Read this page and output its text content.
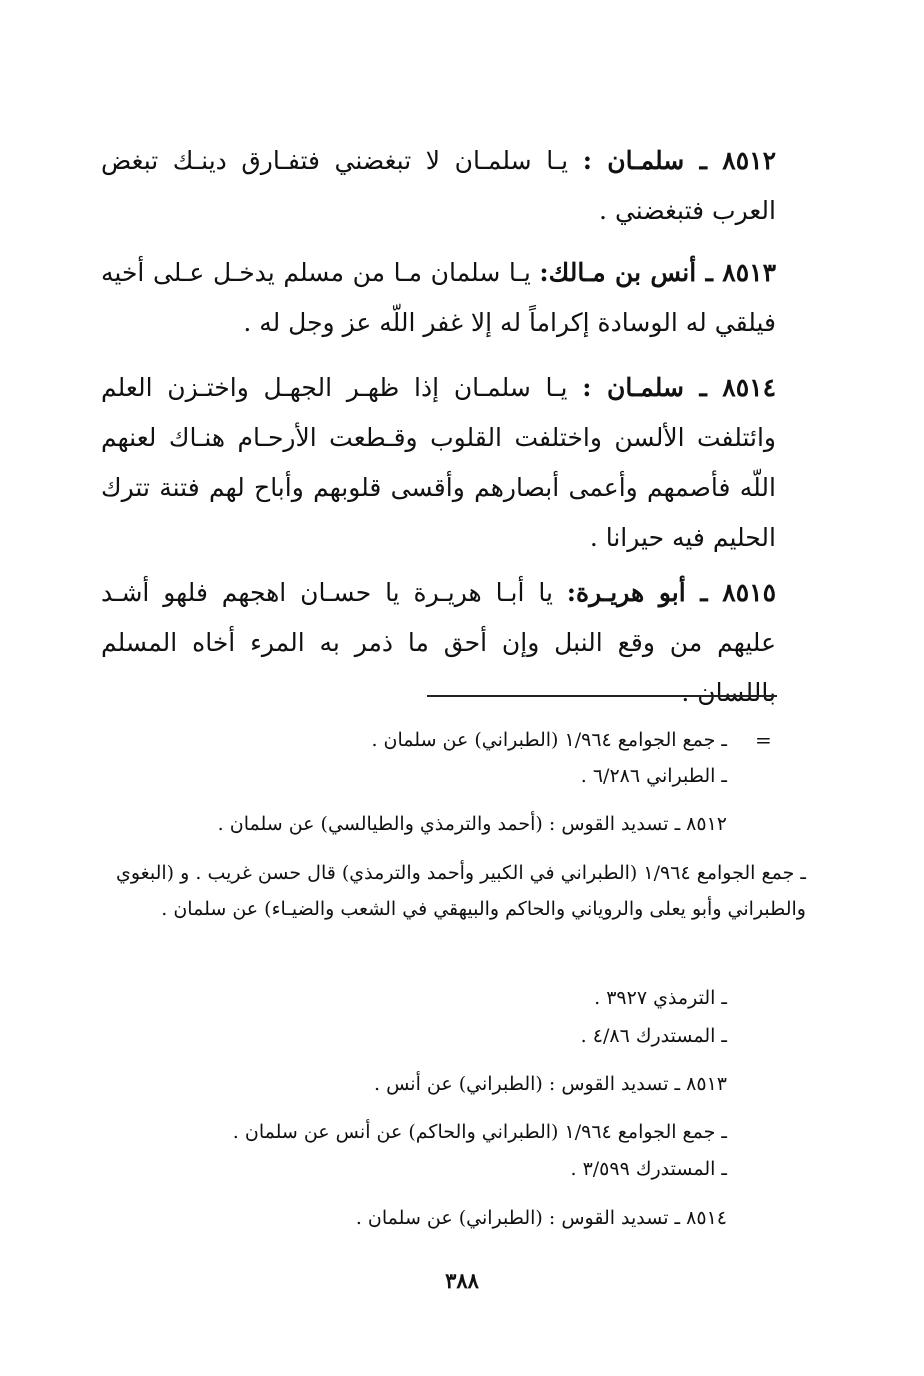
٨٥١٢ ـ سلمـان : يـا سلمـان لا تبغضني فتفـارق دينـك تبغض العرب فتبغضني .

٨٥١٣ ـ أنس بن مـالك: يـا سلمان مـا من مسلم يدخـل عـلى أخيه فيلقي له الوسادة إكراماً له إلا غفر اللّه عز وجل له .

٨٥١٤ ـ سلمـان : يـا سلمـان إذا ظهـر الجهـل واختـزن العلم وائتلفت الألسن واختلفت القلوب وقـطعت الأرحـام هنـاك لعنهم اللّه فأصمهم وأعمى أبصارهم وأقسى قلوبهم وأباح لهم فتنة تترك الحليم فيه حيرانا .

٨٥١٥ ـ أبو هريـرة: يا أبـا هريـرة يا حسـان اهجهم فلهو أشـد عليهم من وقع النبل وإن أحق ما ذمر به المرء أخاه المسلم باللسان .

=
ـ جمع الجوامع ١/٩٦٤ (الطبراني) عن سلمان .
ـ الطبراني ٦/٢٨٦ .
٨٥١٢ ـ تسديد القوس : (أحمد والترمذي والطيالسي) عن سلمان .
ـ جمع الجوامع ١/٩٦٤ (الطبراني في الكبير وأحمد والترمذي) قال حسن غريب . و (البغوي والطبراني وأبو يعلى والروياني والحاكم والبيهقي في الشعب والضيـاء) عن سلمان .
ـ الترمذي ٣٩٢٧ .
ـ المستدرك ٤/٨٦ .
٨٥١٣ ـ تسديد القوس : (الطبراني) عن أنس .
ـ جمع الجوامع ١/٩٦٤ (الطبراني والحاكم) عن أنس عن سلمان .
ـ المستدرك ٣/٥٩٩ .
٨٥١٤ ـ تسديد القوس : (الطبراني) عن سلمان .
٣٨٨
